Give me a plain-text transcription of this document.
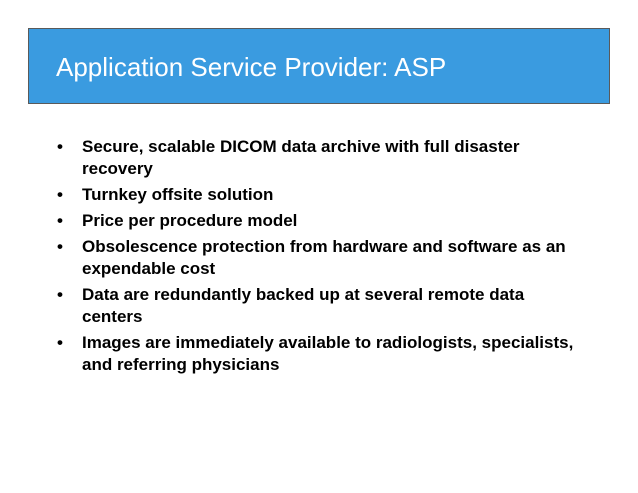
Application Service Provider: ASP
• Secure, scalable DICOM data archive with full disaster recovery
• Turnkey offsite solution
• Price per procedure model
• Obsolescence protection from hardware and software as an expendable cost
• Data are redundantly backed up at several remote data centers
• Images are immediately available to radiologists, specialists, and referring physicians
